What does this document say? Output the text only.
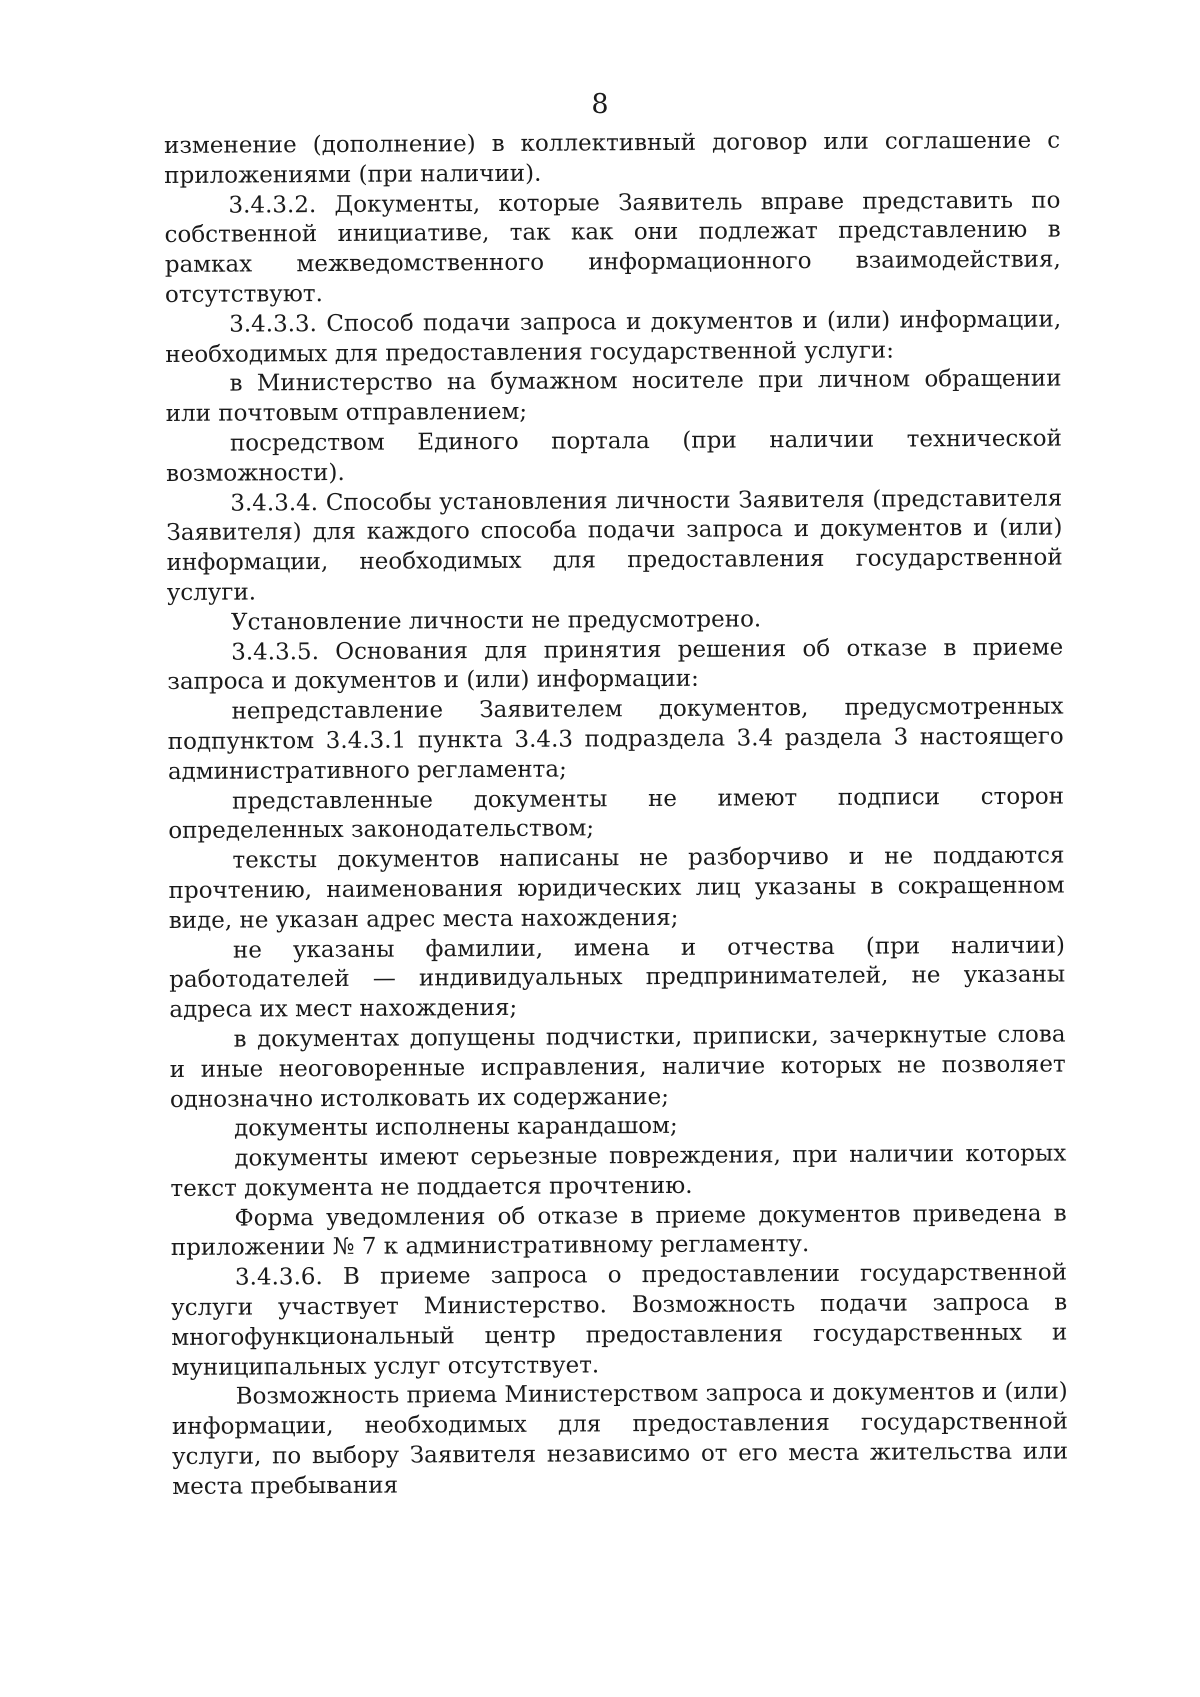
8

изменение (дополнение) в коллективный договор или соглашение с приложениями (при наличии).

3.4.3.2. Документы, которые Заявитель вправе представить по собственной инициативе, так как они подлежат представлению в рамках межведомственного информационного взаимодействия, отсутствуют.

3.4.3.3. Способ подачи запроса и документов и (или) информации, необходимых для предоставления государственной услуги:

в Министерство на бумажном носителе при личном обращении или почтовым отправлением;

посредством Единого портала (при наличии технической возможности).

3.4.3.4. Способы установления личности Заявителя (представителя Заявителя) для каждого способа подачи запроса и документов и (или) информации, необходимых для предоставления государственной услуги.

Установление личности не предусмотрено.

3.4.3.5. Основания для принятия решения об отказе в приеме запроса и документов и (или) информации:

непредставление Заявителем документов, предусмотренных подпунктом 3.4.3.1 пункта 3.4.3 подраздела 3.4 раздела 3 настоящего административного регламента;

представленные документы не имеют подписи сторон определенных законодательством;

тексты документов написаны не разборчиво и не поддаются прочтению, наименования юридических лиц указаны в сокращенном виде, не указан адрес места нахождения;

не указаны фамилии, имена и отчества (при наличии) работодателей — индивидуальных предпринимателей, не указаны адреса их мест нахождения;

в документах допущены подчистки, приписки, зачеркнутые слова и иные неоговоренные исправления, наличие которых не позволяет однозначно истолковать их содержание;

документы исполнены карандашом;

документы имеют серьезные повреждения, при наличии которых текст документа не поддается прочтению.

Форма уведомления об отказе в приеме документов приведена в приложении № 7 к административному регламенту.

3.4.3.6. В приеме запроса о предоставлении государственной услуги участвует Министерство. Возможность подачи запроса в многофункциональный центр предоставления государственных и муниципальных услуг отсутствует.

Возможность приема Министерством запроса и документов и (или) информации, необходимых для предоставления государственной услуги, по выбору Заявителя независимо от его места жительства или места пребывания
